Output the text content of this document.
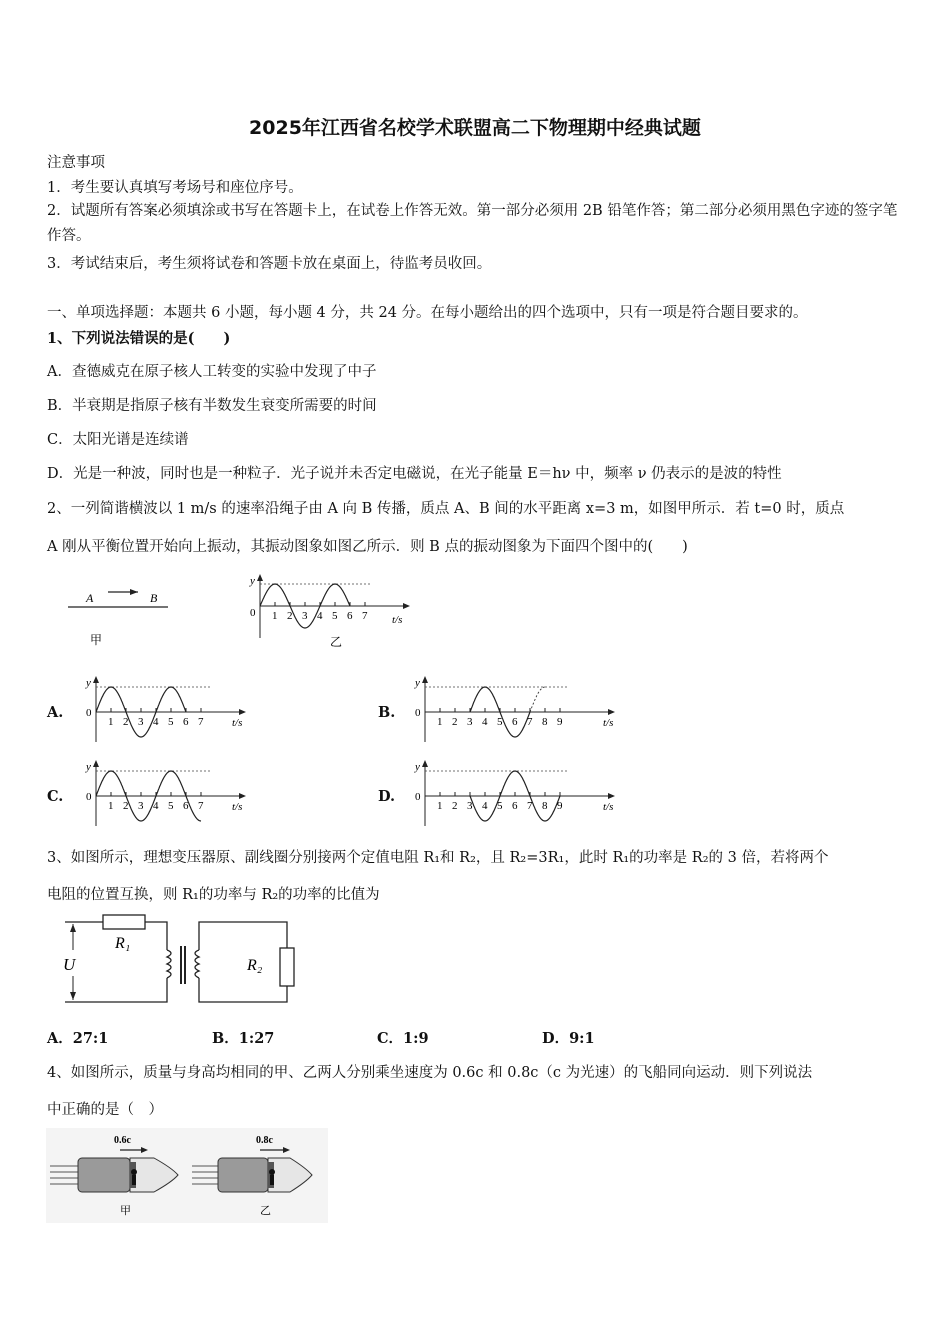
2025年江西省名校学术联盟高二下物理期中经典试题
注意事项
1．考生要认真填写考场号和座位序号。
2．试题所有答案必须填涂或书写在答题卡上，在试卷上作答无效。第一部分必须用 2B 铅笔作答；第二部分必须用黑色字迹的签字笔作答。
3．考试结束后，考生须将试卷和答题卡放在桌面上，待监考员收回。
一、单项选择题：本题共 6 小题，每小题 4 分，共 24 分。在每小题给出的四个选项中，只有一项是符合题目要求的。
1、下列说法错误的是(　　)
A．查德威克在原子核人工转变的实验中发现了中子
B．半衰期是指原子核有半数发生衰变所需要的时间
C．太阳光谱是连续谱
D．光是一种波，同时也是一种粒子．光子说并未否定电磁说，在光子能量 E＝hν 中，频率 ν 仍表示的是波的特性
2、一列简谐横波以 1 m/s 的速率沿绳子由 A 向 B 传播，质点 A、B 间的水平距离 x=3 m，如图甲所示．若 t=0 时，质点
A 刚从平衡位置开始向上振动，其振动图象如图乙所示．则 B 点的振动图象为下面四个图中的(　　)
A	B
甲
y
0 1 2 3 4 5 6 7 t/s
乙
A.	B.
C.	D.
y
0
1 2 3 4 5 6 7	t/s
y
0
1 2 3 4 5 6 7 8 9	t/s
y
0
1 2 3 4 5 6 7	t/s
y
0
1 2 3 4 5 6 7 8 9	t/s
3、如图所示，理想变压器原、副线圈分别接两个定值电阻 R₁和 R₂，且 R₂=3R₁，此时 R₁的功率是 R₂的 3 倍，若将两个
电阻的位置互换，则 R₁的功率与 R₂的功率的比值为
U
R₁
R₂
A．27:1	B．1:27	C．1:9	D．9:1
4、如图所示，质量与身高均相同的甲、乙两人分别乘坐速度为 0.6c 和 0.8c（c 为光速）的飞船同向运动．则下列说法
中正确的是（　）
0.6c
甲
0.8c
乙
